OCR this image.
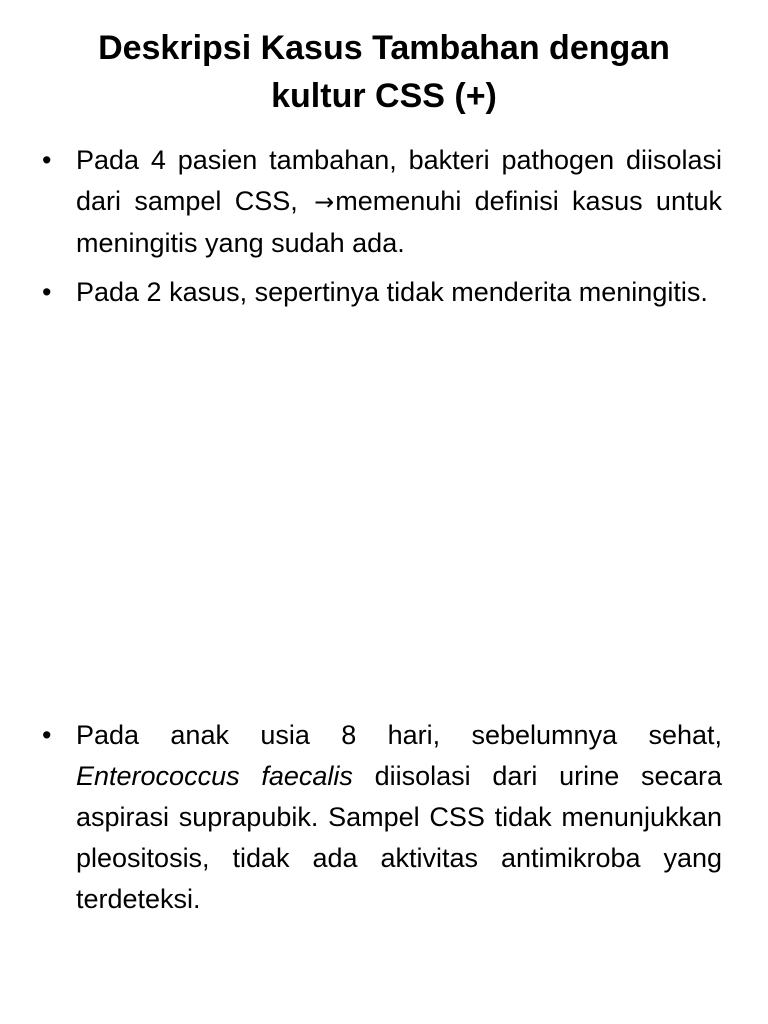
Deskripsi Kasus Tambahan dengan
kultur CSS (+)
• Pada 4 pasien tambahan, bakteri pathogen diisolasi dari sampel CSS, →memenuhi definisi kasus untuk meningitis yang sudah ada.
• Pada 2 kasus, sepertinya tidak menderita meningitis.
• Pada anak usia 8 hari, sebelumnya sehat, Enterococcus faecalis diisolasi dari urine secara aspirasi suprapubik. Sampel CSS tidak menunjukkan pleositosis, tidak ada aktivitas antimikroba yang terdeteksi.
